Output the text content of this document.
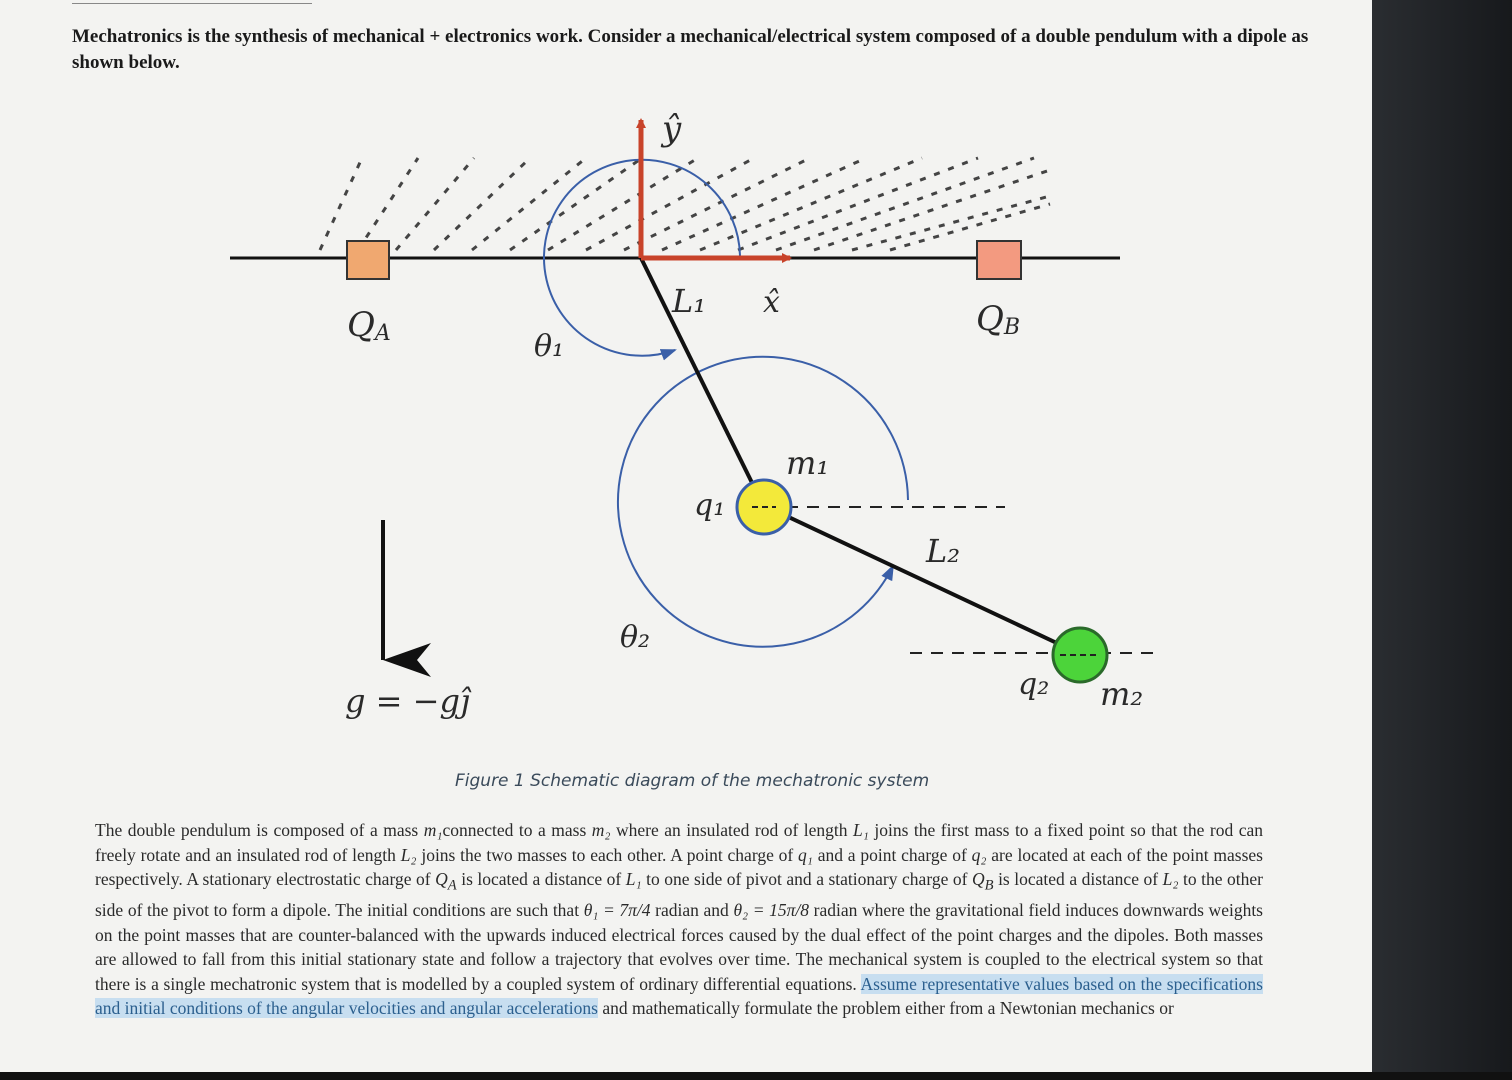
Mechatronics is the synthesis of mechanical + electronics work. Consider a mechanical/electrical system composed of a double pendulum with a dipole as shown below.
ŷ
x̂
L₁
L₂
QA	QB
θ₁
θ₂
m₁
q₁
q₂ m₂
g = −gĵ
Figure 1 Schematic diagram of the mechatronic system
The double pendulum is composed of a mass m₁connected to a mass m₂ where an insulated rod of length L₁ joins the first mass to a fixed point so that the rod can freely rotate and an insulated rod of length L₂ joins the two masses to each other. A point charge of q₁ and a point charge of q₂ are located at each of the point masses respectively. A stationary electrostatic charge of $Q_A$ is located a distance of L₁ to one side of pivot and a stationary charge of $Q_B$ is located a distance of L₂ to the other side of the pivot to form a dipole. The initial conditions are such that θ₁ = 7π/4 radian and θ₂ = 15π/8 radian where the gravitational field induces downwards weights on the point masses that are counter-balanced with the upwards induced electrical forces caused by the dual effect of the point charges and the dipoles. Both masses are allowed to fall from this initial stationary state and follow a trajectory that evolves over time. The mechanical system is coupled to the electrical system so that there is a single mechatronic system that is modelled by a coupled system of ordinary differential equations. Assume representative values based on the specifications and initial conditions of the angular velocities and angular accelerations and mathematically formulate the problem either from a Newtonian mechanics or
